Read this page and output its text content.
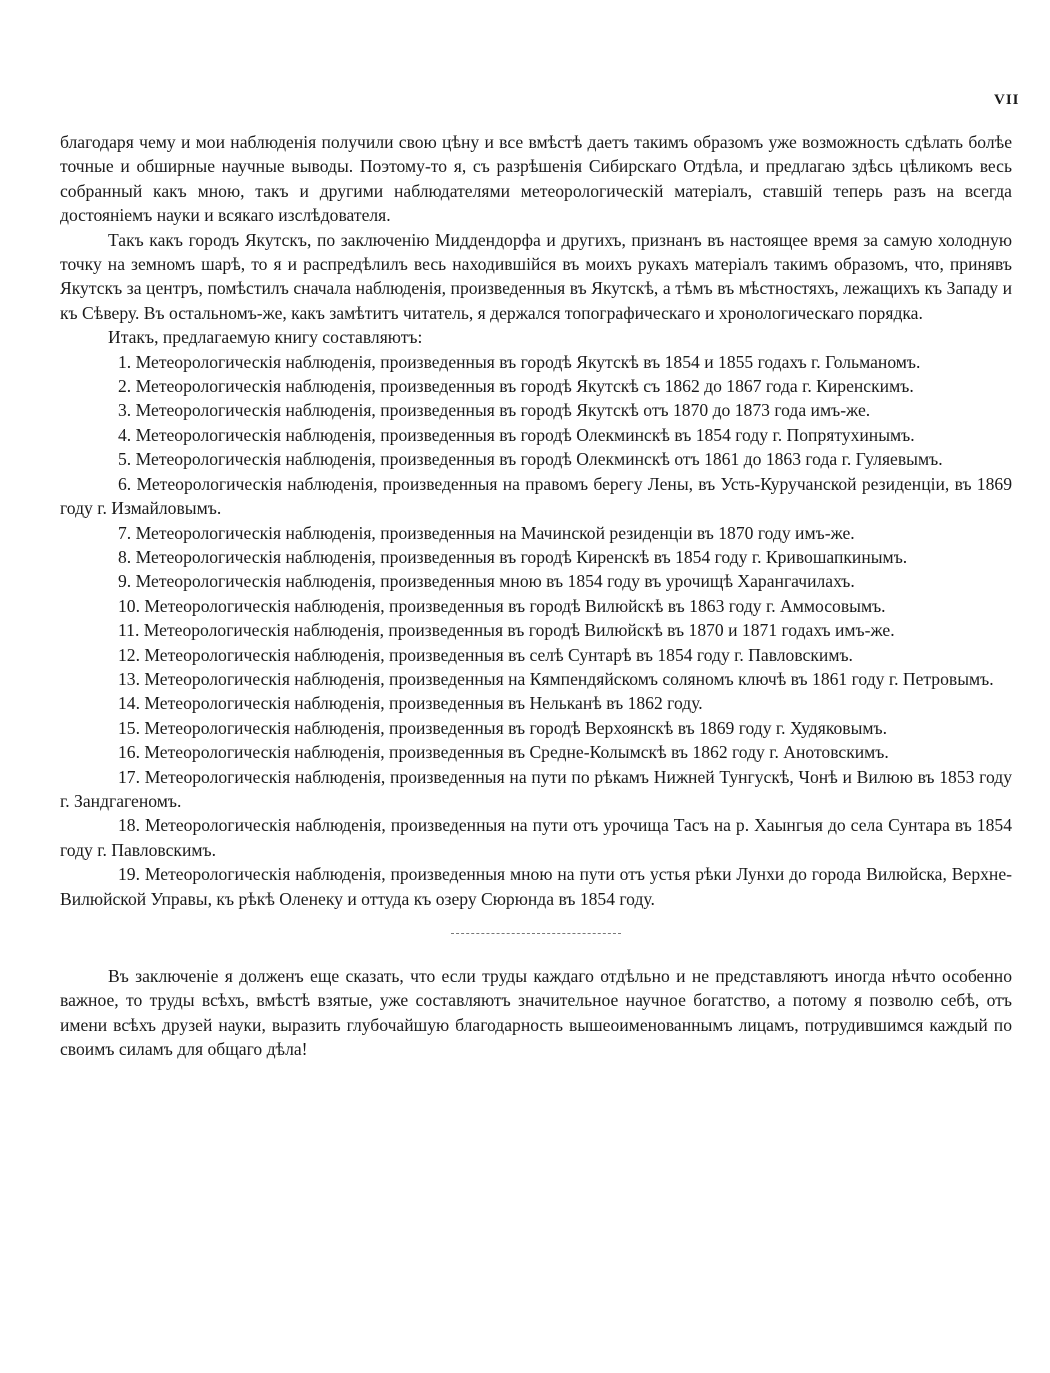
VII

благодаря чему и мои наблюденія получили свою цѣну и все вмѣстѣ даетъ такимъ образомъ уже возможность сдѣлать болѣе точные и обширные научные выводы. Поэтому-то я, съ разрѣшенія Сибирскаго Отдѣла, и предлагаю здѣсь цѣликомъ весь собранный какъ мною, такъ и другими наблюдателями метеорологическій матеріалъ, ставшій теперь разъ на всегда достояніемъ науки и всякаго изслѣдователя.

Такъ какъ городъ Якутскъ, по заключенію Миддендорфа и другихъ, признанъ въ настоящее время за самую холодную точку на земномъ шарѣ, то я и распредѣлилъ весь находившійся въ моихъ рукахъ матеріалъ такимъ образомъ, что, принявъ Якутскъ за центръ, помѣстилъ сначала наблюденія, произведенныя въ Якутскѣ, а тѣмъ въ мѣстностяхъ, лежащихъ къ Западу и къ Сѣверу. Въ остальномъ-же, какъ замѣтитъ читатель, я держался топографическаго и хронологическаго порядка.

Итакъ, предлагаемую книгу составляютъ:

1. Метеорологическія наблюденія, произведенныя въ городѣ Якутскѣ въ 1854 и 1855 годахъ г. Гольманомъ.

2. Метеорологическія наблюденія, произведенныя въ городѣ Якутскѣ съ 1862 до 1867 года г. Киренскимъ.

3. Метеорологическія наблюденія, произведенныя въ городѣ Якутскѣ отъ 1870 до 1873 года имъ-же.

4. Метеорологическія наблюденія, произведенныя въ городѣ Олекминскѣ въ 1854 году г. Попрятухинымъ.

5. Метеорологическія наблюденія, произведенныя въ городѣ Олекминскѣ отъ 1861 до 1863 года г. Гуляевымъ.

6. Метеорологическія наблюденія, произведенныя на правомъ берегу Лены, въ Усть-Куручанской резиденціи, въ 1869 году г. Измайловымъ.

7. Метеорологическія наблюденія, произведенныя на Мачинской резиденціи въ 1870 году имъ-же.

8. Метеорологическія наблюденія, произведенныя въ городѣ Киренскѣ въ 1854 году г. Кривошапкинымъ.

9. Метеорологическія наблюденія, произведенныя мною въ 1854 году въ урочищѣ Харангачилахъ.

10. Метеорологическія наблюденія, произведенныя въ городѣ Вилюйскѣ въ 1863 году г. Аммосовымъ.

11. Метеорологическія наблюденія, произведенныя въ городѣ Вилюйскѣ въ 1870 и 1871 годахъ имъ-же.

12. Метеорологическія наблюденія, произведенныя въ селѣ Сунтарѣ въ 1854 году г. Павловскимъ.

13. Метеорологическія наблюденія, произведенныя на Кямпендяйскомъ соляномъ ключѣ въ 1861 году г. Петровымъ.

14. Метеорологическія наблюденія, произведенныя въ Нельканѣ въ 1862 году.

15. Метеорологическія наблюденія, произведенныя въ городѣ Верхоянскѣ въ 1869 году г. Худяковымъ.

16. Метеорологическія наблюденія, произведенныя въ Средне-Колымскѣ въ 1862 году г. Анотовскимъ.

17. Метеорологическія наблюденія, произведенныя на пути по рѣкамъ Нижней Тунгускѣ, Чонѣ и Вилюю въ 1853 году г. Зандгагеномъ.

18. Метеорологическія наблюденія, произведенныя на пути отъ урочища Тасъ на р. Хаынгыя до села Сунтара въ 1854 году г. Павловскимъ.

19. Метеорологическія наблюденія, произведенныя мною на пути отъ устья рѣки Лунхи до города Вилюйска, Верхне-Вилюйской Управы, къ рѣкѣ Оленеку и оттуда къ озеру Сюрюнда въ 1854 году.

Въ заключеніе я долженъ еще сказать, что если труды каждаго отдѣльно и не представляютъ иногда нѣчто особенно важное, то труды всѣхъ, вмѣстѣ взятые, уже составляютъ значительное научное богатство, а потому я позволю себѣ, отъ имени всѣхъ друзей науки, выразить глубочайшую благодарность вышеоименованнымъ лицамъ, потрудившимся каждый по своимъ силамъ для общаго дѣла!
